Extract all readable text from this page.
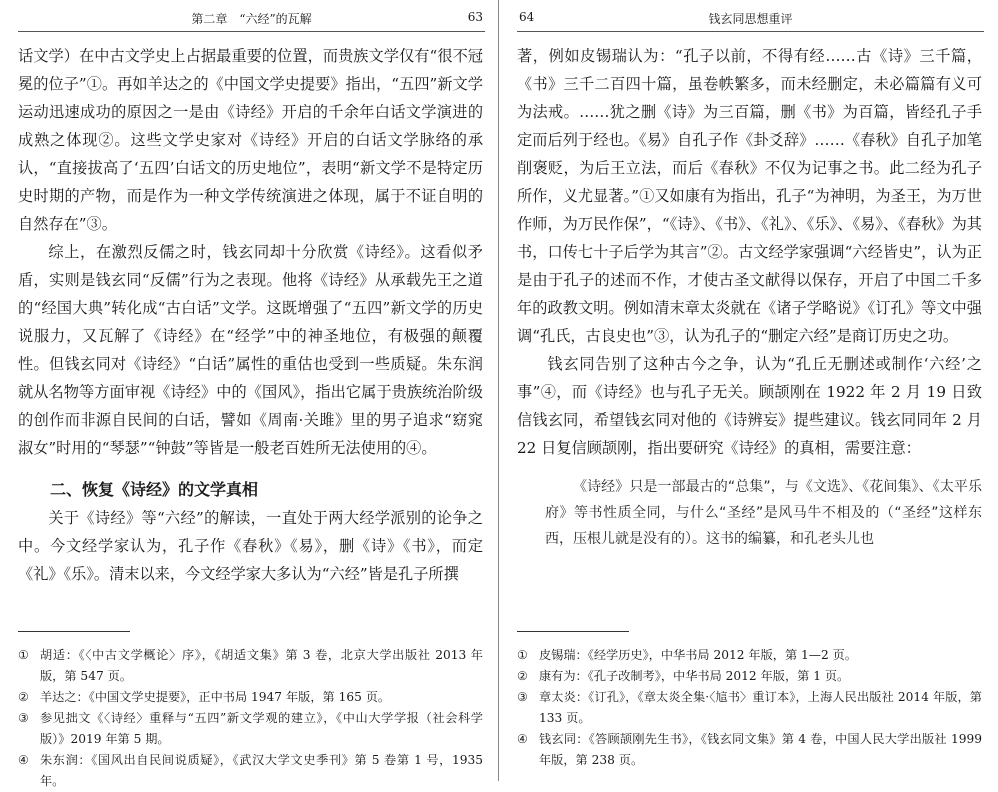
第二章　“六经”的瓦解	63

话文学）在中古文学史上占据最重要的位置，而贵族文学仅有“很不冠冕的位子”①。再如羊达之的《中国文学史提要》指出，“五四”新文学运动迅速成功的原因之一是由《诗经》开启的千余年白话文学演进的成熟之体现②。这些文学史家对《诗经》开启的白话文学脉络的承认，“直接拔高了‘五四’白话文的历史地位”，表明“新文学不是特定历史时期的产物，而是作为一种文学传统演进之体现，属于不证自明的自然存在”③。

综上，在激烈反儒之时，钱玄同却十分欣赏《诗经》。这看似矛盾，实则是钱玄同“反儒”行为之表现。他将《诗经》从承载先王之道的“经国大典”转化成“古白话”文学。这既增强了“五四”新文学的历史说服力，又瓦解了《诗经》在“经学”中的神圣地位，有极强的颠覆性。但钱玄同对《诗经》“白话”属性的重估也受到一些质疑。朱东润就从名物等方面审视《诗经》中的《国风》，指出它属于贵族统治阶级的创作而非源自民间的白话，譬如《周南·关雎》里的男子追求“窈窕淑女”时用的“琴瑟”“钟鼓”等皆是一般老百姓所无法使用的④。

二、恢复《诗经》的文学真相

关于《诗经》等“六经”的解读，一直处于两大经学派别的论争之中。今文经学家认为，孔子作《春秋》《易》，删《诗》《书》，而定《礼》《乐》。清末以来，今文经学家大多认为“六经”皆是孔子所撰

① 胡适：《〈中古文学概论〉序》，《胡适文集》第 3 卷，北京大学出版社 2013 年版，第 547 页。
② 羊达之：《中国文学史提要》，正中书局 1947 年版，第 165 页。
③ 参见拙文《〈诗经〉重释与“五四”新文学观的建立》，《中山大学学报（社会科学版）》2019 年第 5 期。
④ 朱东润：《国风出自民间说质疑》，《武汉大学文史季刊》第 5 卷第 1 号，1935 年。
64	钱玄同思想重评

著，例如皮锡瑞认为：“孔子以前，不得有经……古《诗》三千篇，《书》三千二百四十篇，虽卷帙繁多，而未经删定，未必篇篇有义可为法戒。……犹之删《诗》为三百篇，删《书》为百篇，皆经孔子手定而后列于经也。《易》自孔子作《卦爻辞》……《春秋》自孔子加笔削褒贬，为后王立法，而后《春秋》不仅为记事之书。此二经为孔子所作，义尤显著。”①又如康有为指出，孔子“为神明，为圣王，为万世作师，为万民作保”，“《诗》、《书》、《礼》、《乐》、《易》、《春秋》为其书，口传七十子后学为其言”②。古文经学家强调“六经皆史”，认为正是由于孔子的述而不作，才使古圣文献得以保存，开启了中国二千多年的政教文明。例如清末章太炎就在《诸子学略说》《订孔》等文中强调“孔氏，古良史也”③，认为孔子的“删定六经”是商订历史之功。

钱玄同告别了这种古今之争，认为“孔丘无删述或制作‘六经’之事”④，而《诗经》也与孔子无关。顾颉刚在 1922 年 2 月 19 日致信钱玄同，希望钱玄同对他的《诗辨妄》提些建议。钱玄同同年 2 月 22 日复信顾颉刚，指出要研究《诗经》的真相，需要注意：

《诗经》只是一部最古的“总集”，与《文选》、《花间集》、《太平乐府》等书性质全同，与什么“圣经”是风马牛不相及的（“圣经”这样东西，压根儿就是没有的）。这书的编纂，和孔老头儿也
① 皮锡瑞：《经学历史》，中华书局 2012 年版，第 1—2 页。
② 康有为：《孔子改制考》，中华书局 2012 年版，第 1 页。
③ 章太炎：《订孔》，《章太炎全集·〈訄书〉重订本》，上海人民出版社 2014 年版，第 133 页。
④ 钱玄同：《答顾颉刚先生书》，《钱玄同文集》第 4 卷，中国人民大学出版社 1999 年版，第 238 页。
